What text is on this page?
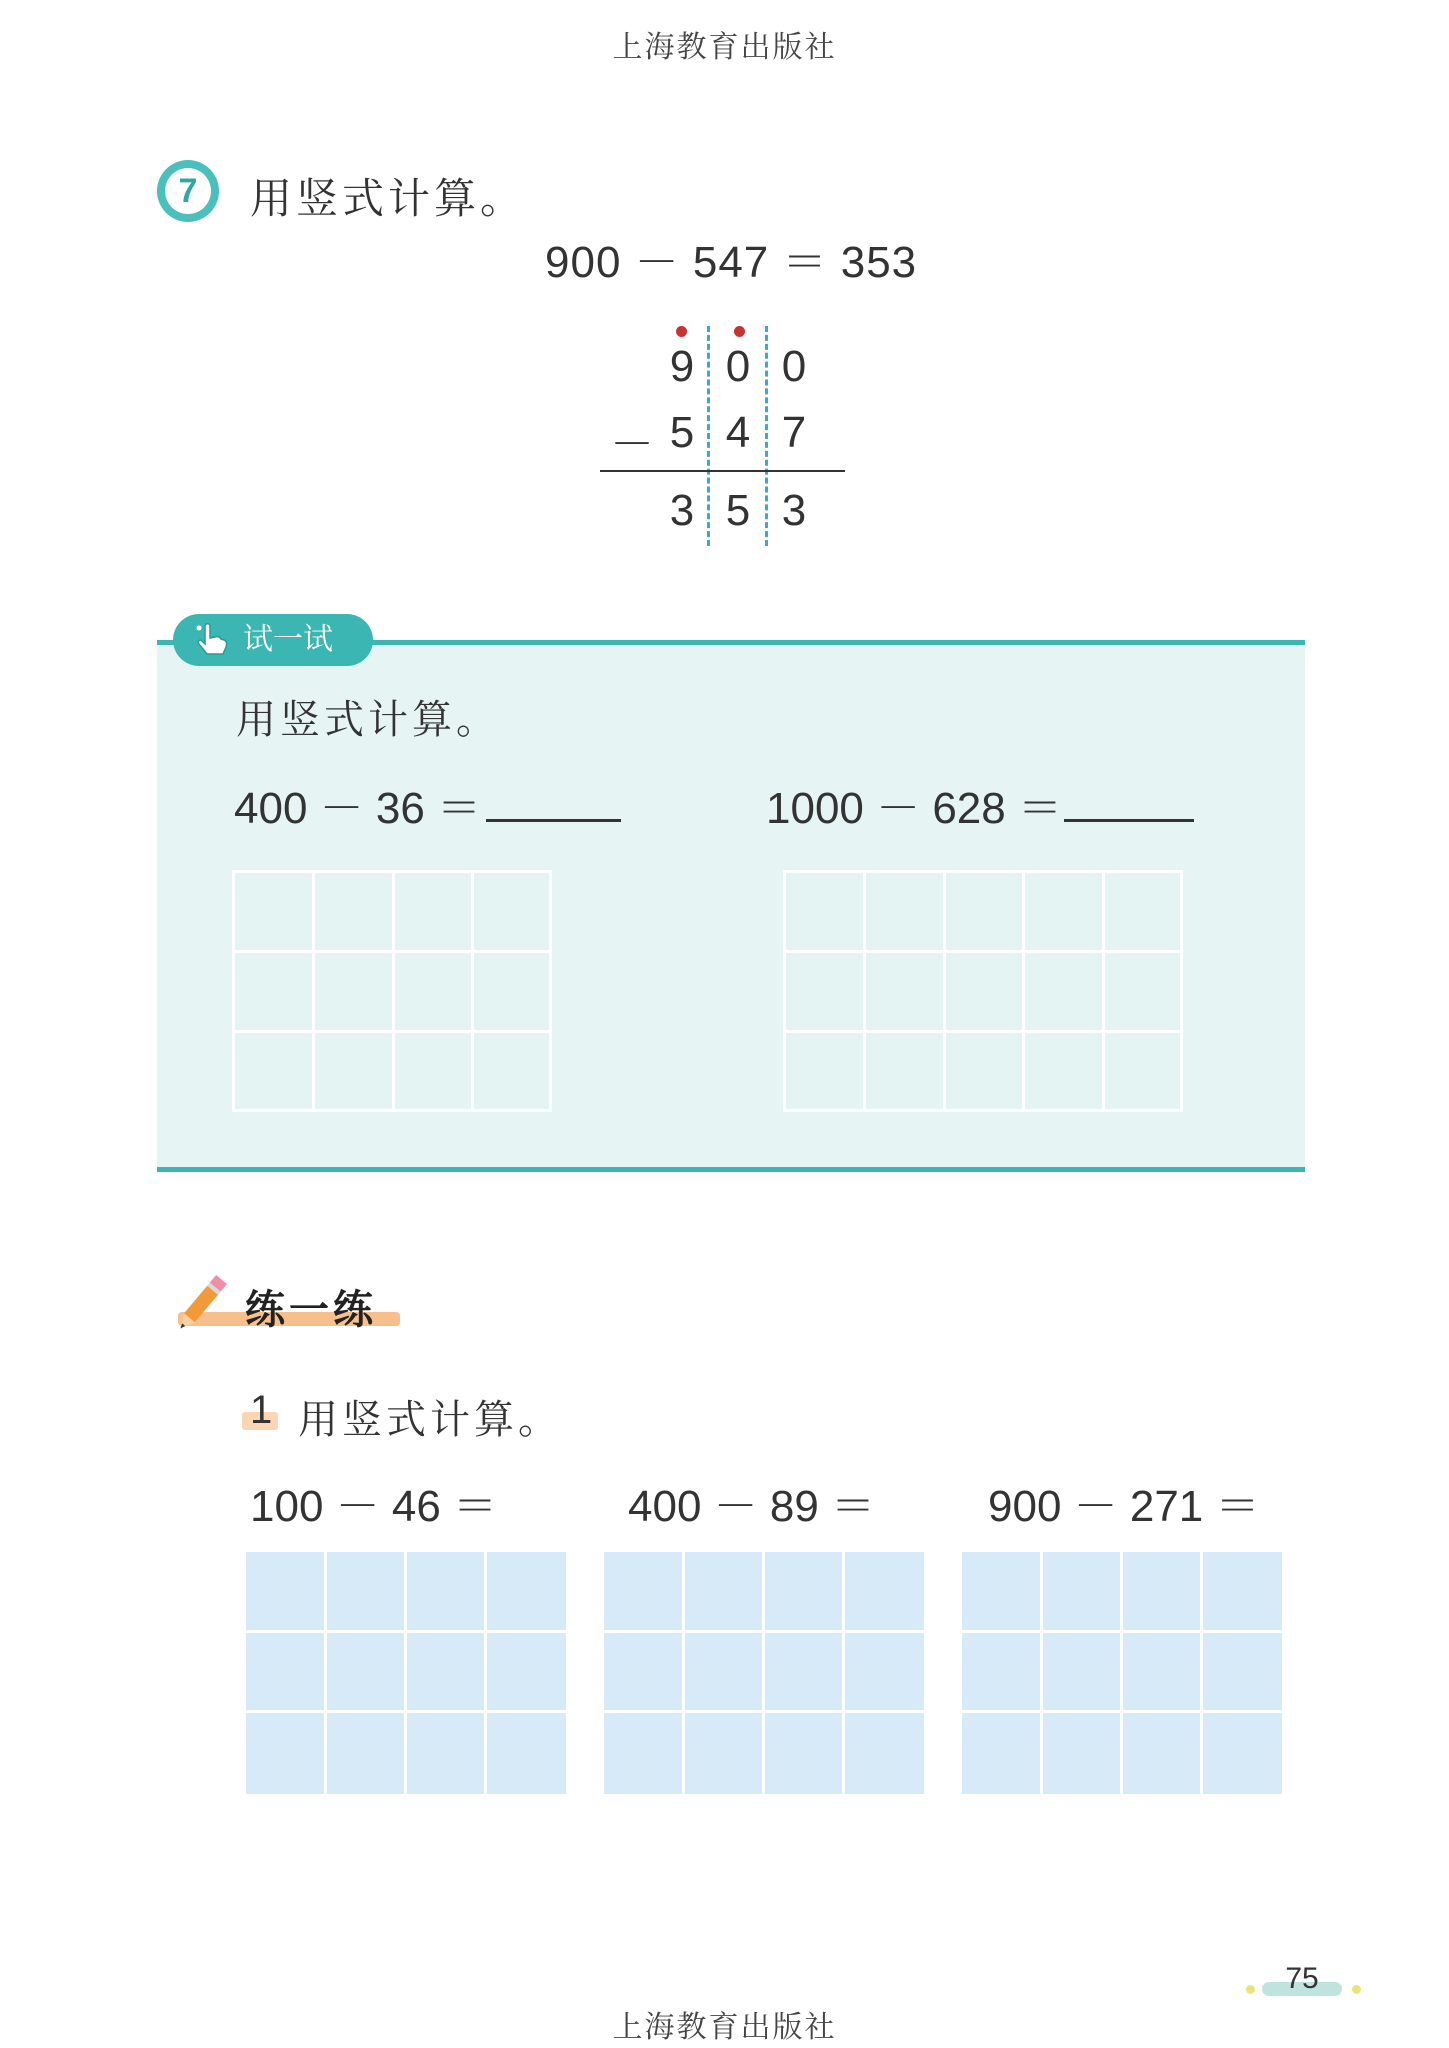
上海教育出版社
7	用竖式计算。
900 － 547 ＝ 353
9 0 0
－ 5 4 7
3 5 3
试一试
用竖式计算。
400 － 36 ＝	1000 － 628 ＝
练一练
1 用竖式计算。
100 － 46 ＝	400 － 89 ＝	900 － 271 ＝
75
上海教育出版社
